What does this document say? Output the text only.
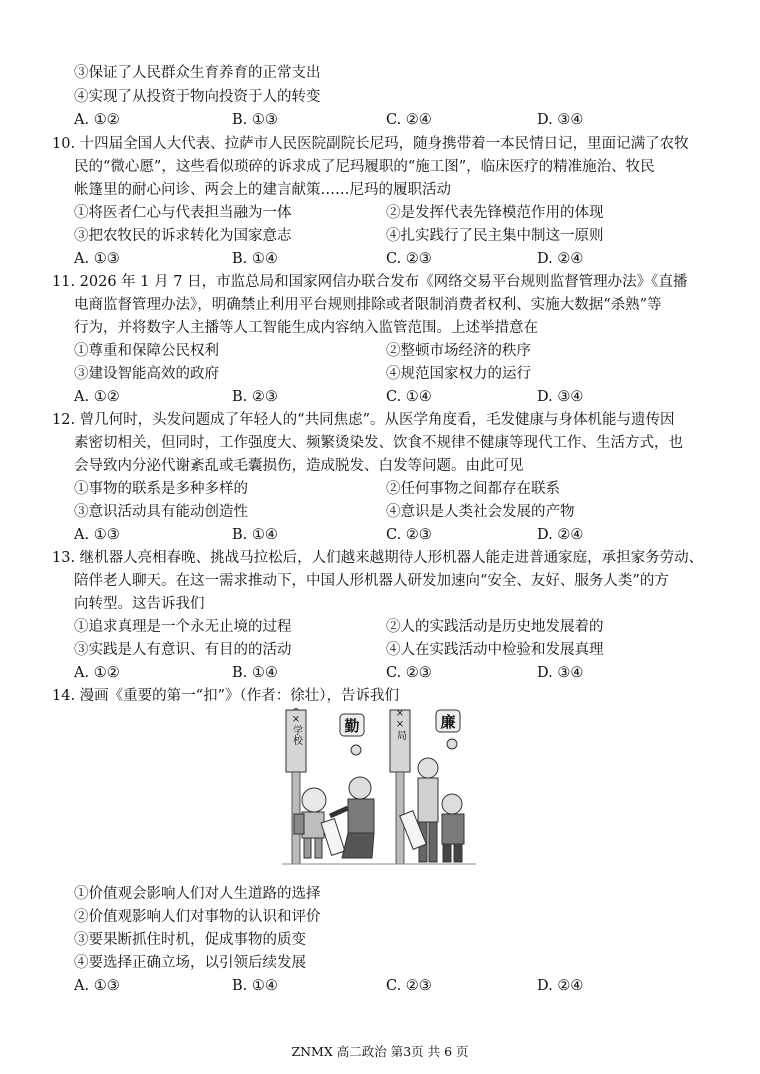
③保证了人民群众生育养育的正常支出
④实现了从投资于物向投资于人的转变
A. ①②	B. ①③	C. ②④	D. ③④
10. 十四届全国人大代表、拉萨市人民医院副院长尼玛，随身携带着一本民情日记，里面记满了农牧
民的“微心愿”，这些看似琐碎的诉求成了尼玛履职的“施工图”，临床医疗的精准施治、牧民
帐篷里的耐心问诊、两会上的建言献策……尼玛的履职活动
①将医者仁心与代表担当融为一体	②是发挥代表先锋模范作用的体现
③把农牧民的诉求转化为国家意志	④扎实践行了民主集中制这一原则
A. ①③	B. ①④	C. ②③	D. ②④
11. 2026 年 1 月 7 日，市监总局和国家网信办联合发布《网络交易平台规则监督管理办法》《直播
电商监督管理办法》，明确禁止利用平台规则排除或者限制消费者权利、实施大数据“杀熟”等
行为，并将数字人主播等人工智能生成内容纳入监管范围。上述举措意在
①尊重和保障公民权利	②整顿市场经济的秩序
③建设智能高效的政府	④规范国家权力的运行
A. ①②	B. ②③	C. ①④	D. ③④
12. 曾几何时，头发问题成了年轻人的“共同焦虑”。从医学角度看，毛发健康与身体机能与遗传因
素密切相关，但同时，工作强度大、频繁烫染发、饮食不规律不健康等现代工作、生活方式，也
会导致内分泌代谢紊乱或毛囊损伤，造成脱发、白发等问题。由此可见
①事物的联系是多种多样的	②任何事物之间都存在联系
③意识活动具有能动创造性	④意识是人类社会发展的产物
A. ①③	B. ①④	C. ②③	D. ②④
13. 继机器人亮相春晚、挑战马拉松后，人们越来越期待人形机器人能走进普通家庭，承担家务劳动、
陪伴老人聊天。在这一需求推动下，中国人形机器人研发加速向“安全、友好、服务人类”的方
向转型。这告诉我们
①追求真理是一个永无止境的过程	②人的实践活动是历史地发展着的
③实践是人有意识、有目的的活动	④人在实践活动中检验和发展真理
A. ①②	B. ①④	C. ②③	D. ③④
14. 漫画《重要的第一“扣”》（作者：徐壮），告诉我们
××学校	勤	××局 廉
①价值观会影响人们对人生道路的选择
②价值观影响人们对事物的认识和评价
③要果断抓住时机，促成事物的质变
④要选择正确立场，以引领后续发展
A. ①③	B. ①④	C. ②③	D. ②④
ZNMX 高二政治 第3页 共 6 页
